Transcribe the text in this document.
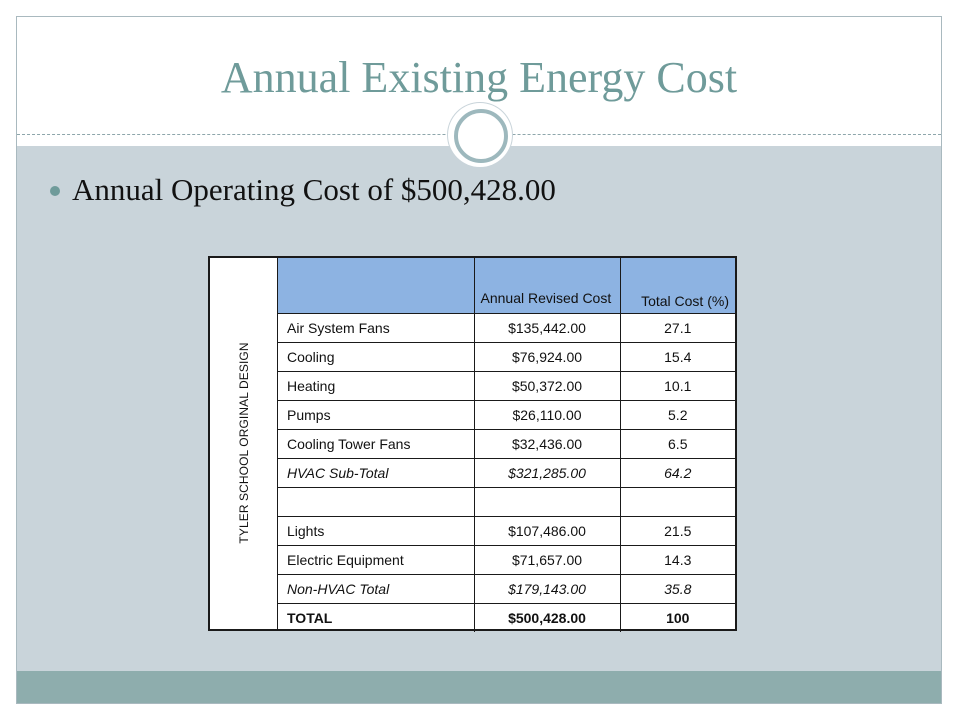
Annual Existing Energy Cost
Annual Operating Cost of $500,428.00
TYLER SCHOOL ORGINAL DESIGN
	Annual Revised Cost	Total Cost (%)
Air System Fans	$135,442.00	27.1
Cooling	$76,924.00	15.4
Heating	$50,372.00	10.1
Pumps	$26,110.00	5.2
Cooling Tower Fans	$32,436.00	6.5
HVAC Sub-Total	$321,285.00	64.2

Lights	$107,486.00	21.5
Electric Equipment	$71,657.00	14.3
Non-HVAC Total	$179,143.00	35.8
TOTAL	$500,428.00	100
